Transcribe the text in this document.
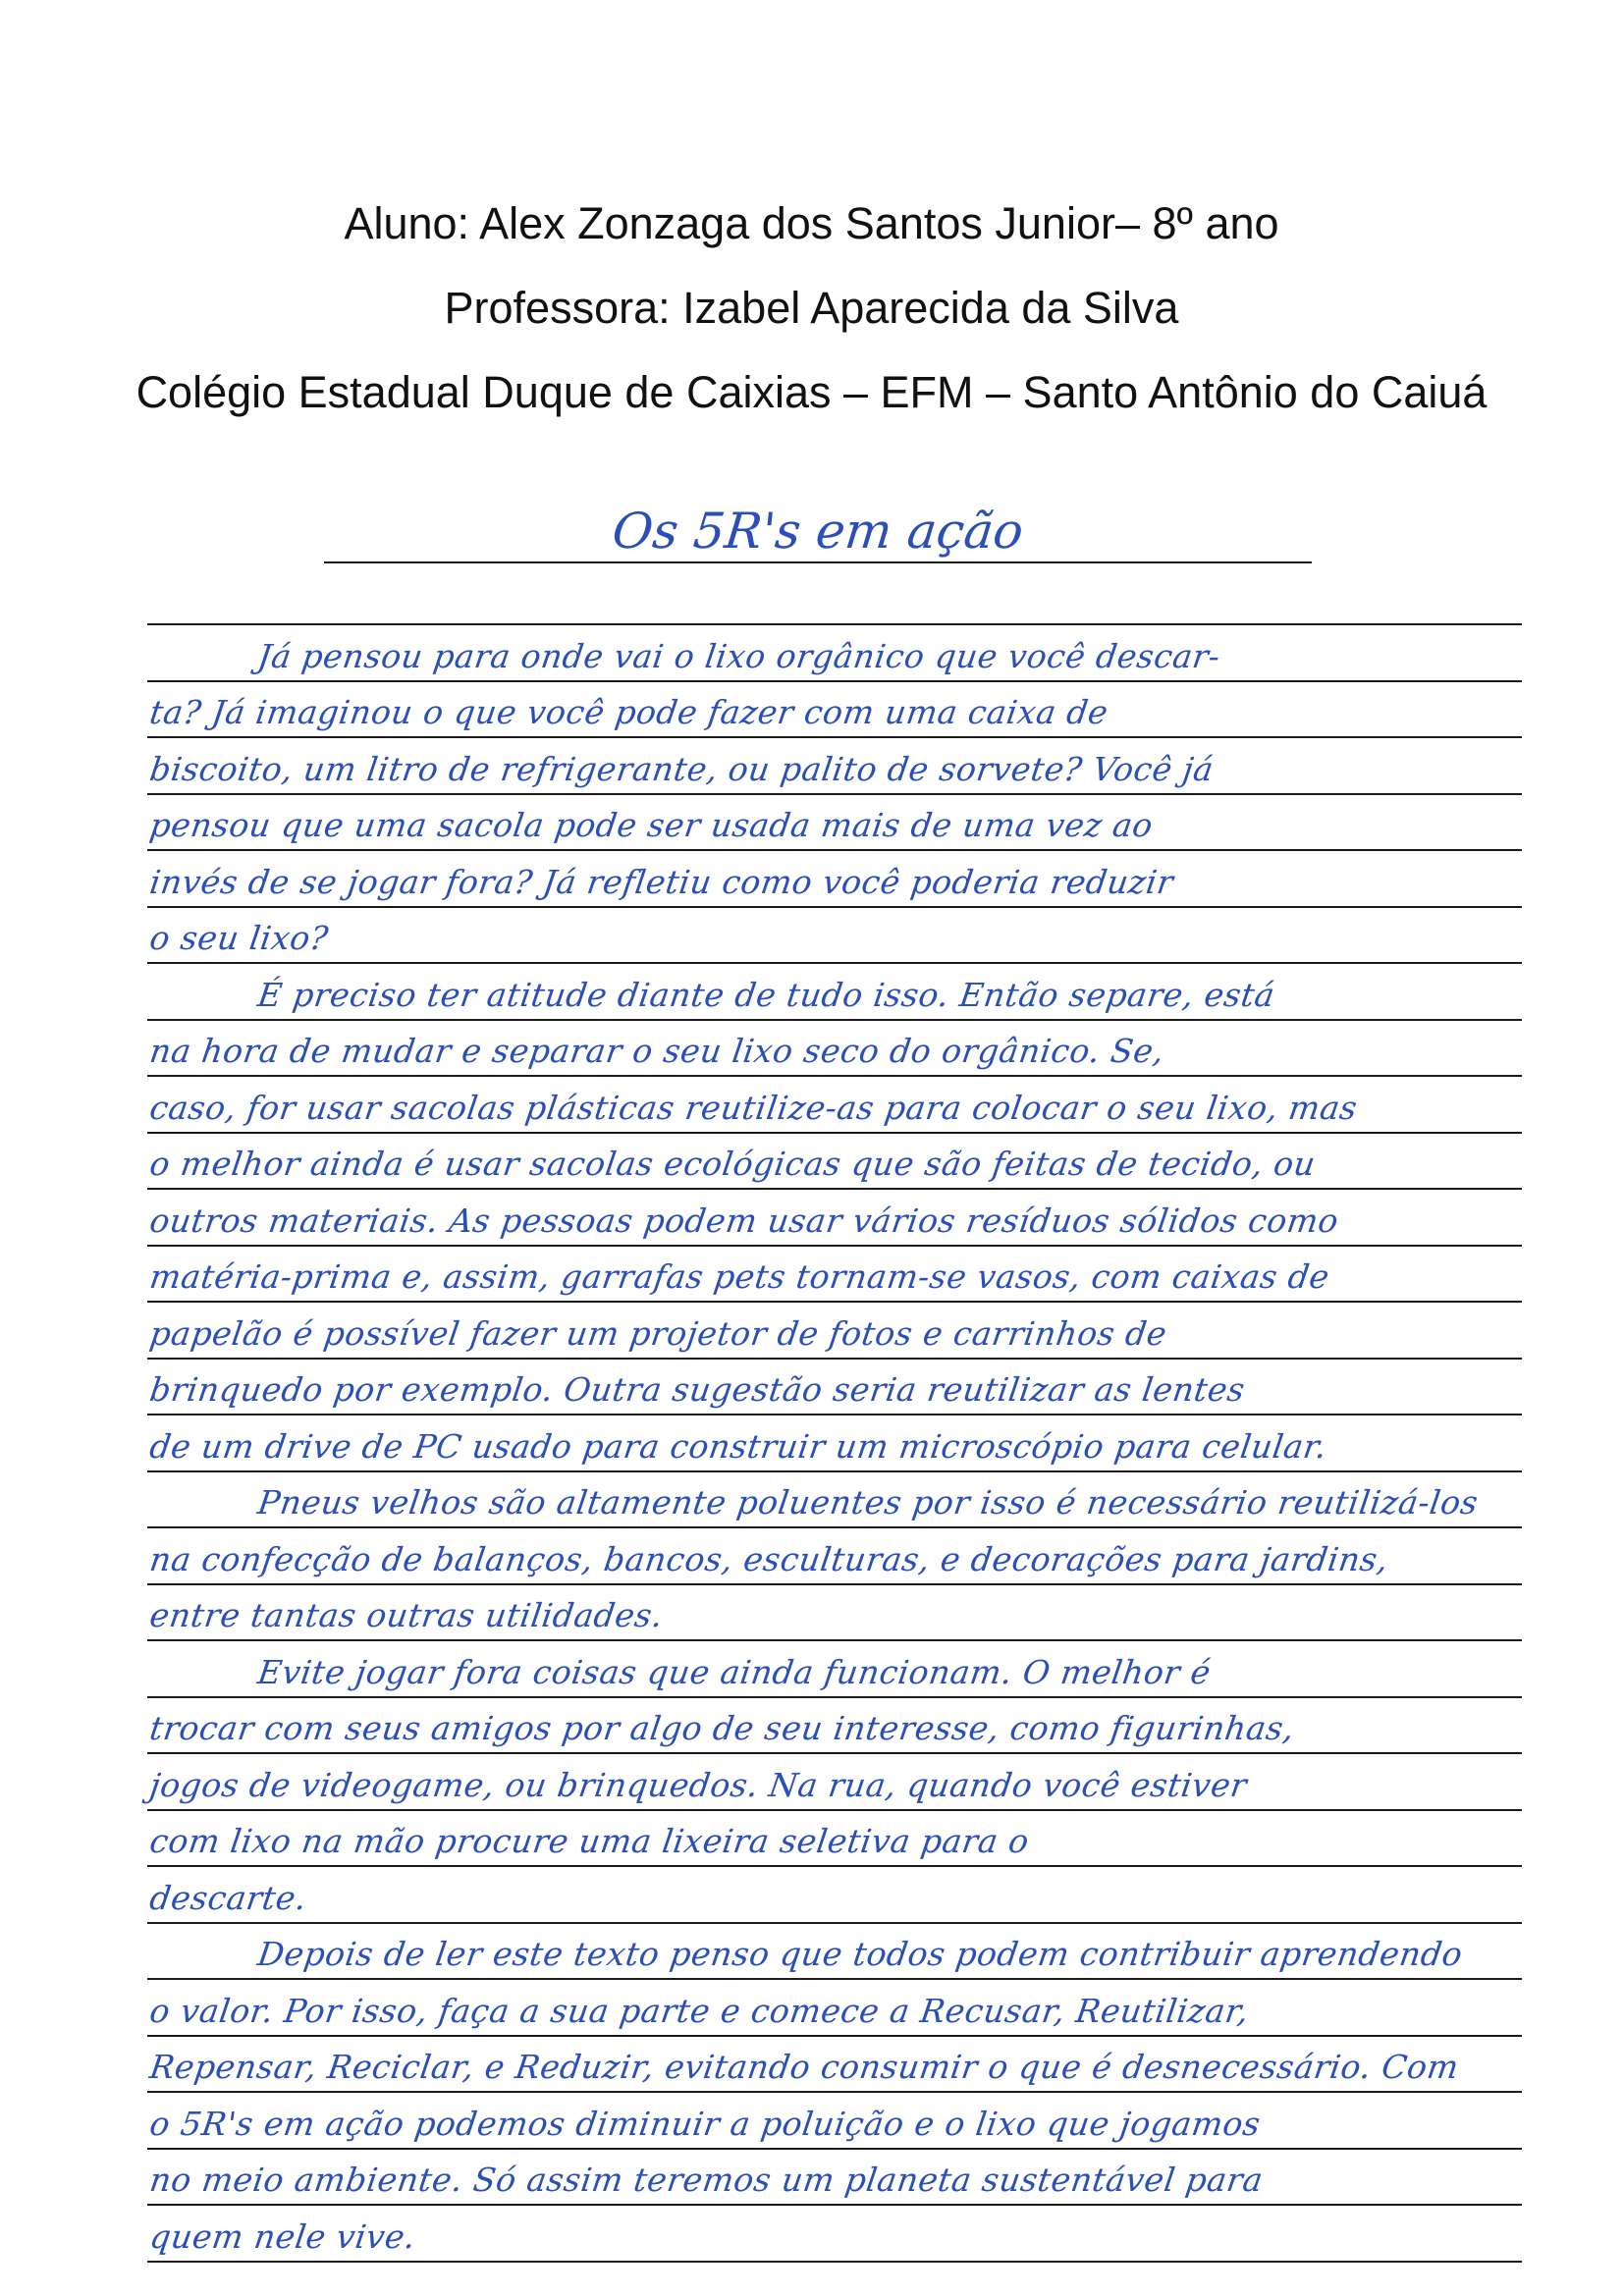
Aluno: Alex Zonzaga dos Santos Junior– 8º ano
Professora: Izabel Aparecida da Silva
Colégio Estadual Duque de Caixias – EFM – Santo Antônio do Caiuá
Os 5R's em ação
Já pensou para onde vai o lixo orgânico que você descar-
ta? Já imaginou o que você pode fazer com uma caixa de
biscoito, um litro de refrigerante, ou palito de sorvete? Você já
pensou que uma sacola pode ser usada mais de uma vez ao
invés de se jogar fora? Já refletiu como você poderia reduzir
o seu lixo?
É preciso ter atitude diante de tudo isso. Então separe, está
na hora de mudar e separar o seu lixo seco do orgânico. Se,
caso, for usar sacolas plásticas reutilize-as para colocar o seu lixo, mas
o melhor ainda é usar sacolas ecológicas que são feitas de tecido, ou
outros materiais. As pessoas podem usar vários resíduos sólidos como
matéria-prima e, assim, garrafas pets tornam-se vasos, com caixas de
papelão é possível fazer um projetor de fotos e carrinhos de
brinquedo por exemplo. Outra sugestão seria reutilizar as lentes
de um drive de PC usado para construir um microscópio para celular.
Pneus velhos são altamente poluentes por isso é necessário reutilizá-los
na confecção de balanços, bancos, esculturas, e decorações para jardins,
entre tantas outras utilidades.
Evite jogar fora coisas que ainda funcionam. O melhor é
trocar com seus amigos por algo de seu interesse, como figurinhas,
jogos de videogame, ou brinquedos. Na rua, quando você estiver
com lixo na mão procure uma lixeira seletiva para o
descarte.
Depois de ler este texto penso que todos podem contribuir aprendendo
o valor. Por isso, faça a sua parte e comece a Recusar, Reutilizar,
Repensar, Reciclar, e Reduzir, evitando consumir o que é desnecessário. Com
o 5R's em ação podemos diminuir a poluição e o lixo que jogamos
no meio ambiente. Só assim teremos um planeta sustentável para
quem nele vive.
